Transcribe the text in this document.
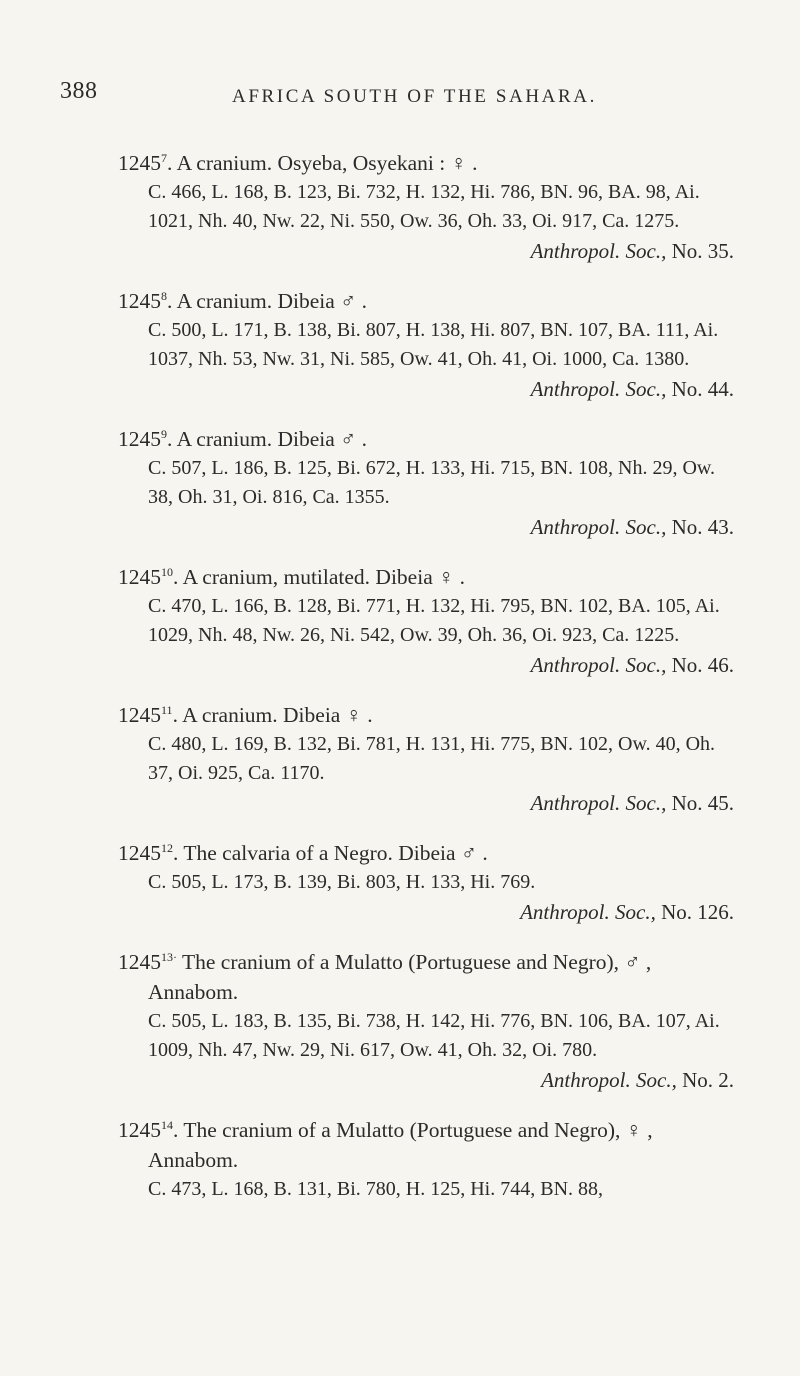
388	AFRICA SOUTH OF THE SAHARA.
1245$^7$. A cranium. Osyeba, Osyekani : ♀ .
C. 466, L. 168, B. 123, Bi. 732, H. 132, Hi. 786, BN. 96, BA. 98, Ai. 1021, Nh. 40, Nw. 22, Ni. 550, Ow. 36, Oh. 33, Oi. 917, Ca. 1275.
Anthropol. Soc., No. 35.
1245$^8$. A cranium. Dibeia ♂ .
C. 500, L. 171, B. 138, Bi. 807, H. 138, Hi. 807, BN. 107, BA. 111, Ai. 1037, Nh. 53, Nw. 31, Ni. 585, Ow. 41, Oh. 41, Oi. 1000, Ca. 1380.
Anthropol. Soc., No. 44.
1245$^9$. A cranium. Dibeia ♂ .
C. 507, L. 186, B. 125, Bi. 672, H. 133, Hi. 715, BN. 108, Nh. 29, Ow. 38, Oh. 31, Oi. 816, Ca. 1355.
Anthropol. Soc., No. 43.
1245$^{10}$. A cranium, mutilated. Dibeia ♀ .
C. 470, L. 166, B. 128, Bi. 771, H. 132, Hi. 795, BN. 102, BA. 105, Ai. 1029, Nh. 48, Nw. 26, Ni. 542, Ow. 39, Oh. 36, Oi. 923, Ca. 1225.
Anthropol. Soc., No. 46.
1245$^{11}$. A cranium. Dibeia ♀ .
C. 480, L. 169, B. 132, Bi. 781, H. 131, Hi. 775, BN. 102, Ow. 40, Oh. 37, Oi. 925, Ca. 1170.
Anthropol. Soc., No. 45.
1245$^{12}$. The calvaria of a Negro. Dibeia ♂ .
C. 505, L. 173, B. 139, Bi. 803, H. 133, Hi. 769.
Anthropol. Soc., No. 126.
$1245^{13\cdot}$ The cranium of a Mulatto (Portuguese and Negro), ♂ ,
Annabom.
C. 505, L. 183, B. 135, Bi. 738, H. 142, Hi. 776, BN. 106, BA. 107, Ai. 1009, Nh. 47, Nw. 29, Ni. 617, Ow. 41, Oh. 32, Oi. 780.
Anthropol. Soc., No. 2.
1245$^{14}$. The cranium of a Mulatto (Portuguese and Negro), ♀ ,
Annabom.
C. 473, L. 168, B. 131, Bi. 780, H. 125, Hi. 744, BN. 88,
